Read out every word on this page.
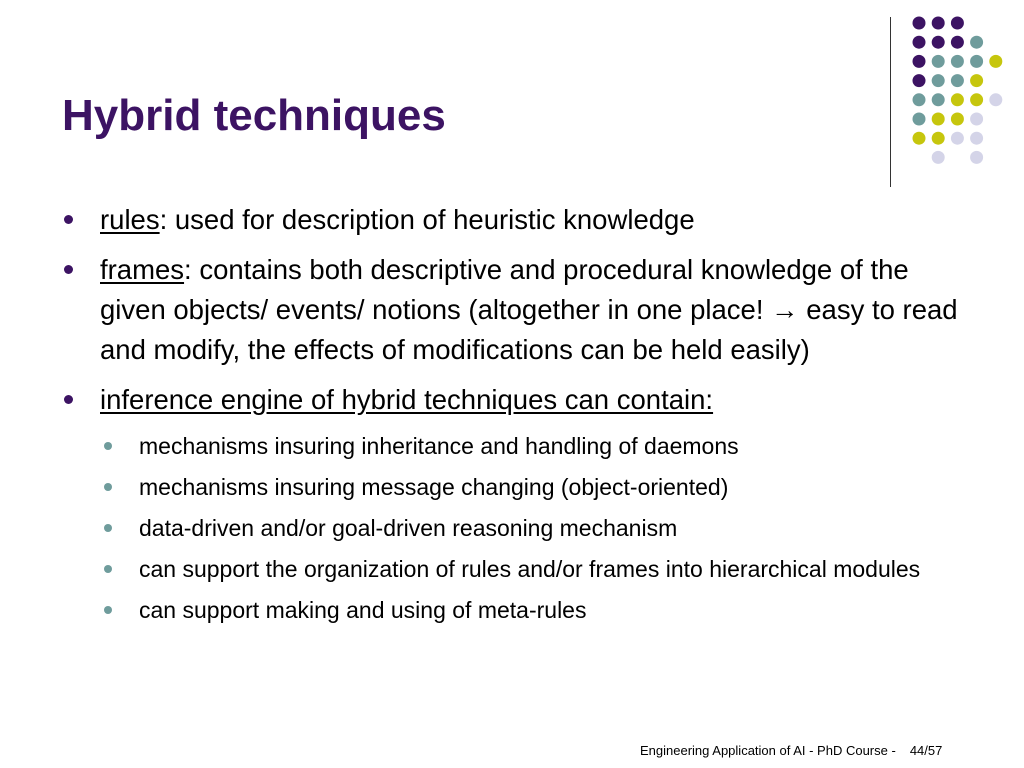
Hybrid techniques
rules: used for description of heuristic knowledge
frames: contains both descriptive and procedural knowledge of the given objects/ events/ notions (altogether in one place! → easy to read and modify, the effects of modifications can be held easily)
inference engine of hybrid techniques can contain:
mechanisms insuring inheritance and handling of daemons
mechanisms insuring message changing (object-oriented)
data-driven and/or goal-driven reasoning mechanism
can support the organization of rules and/or frames into hierarchical modules
can support making and using of meta-rules
Engineering Application of AI - PhD Course - 44/57
